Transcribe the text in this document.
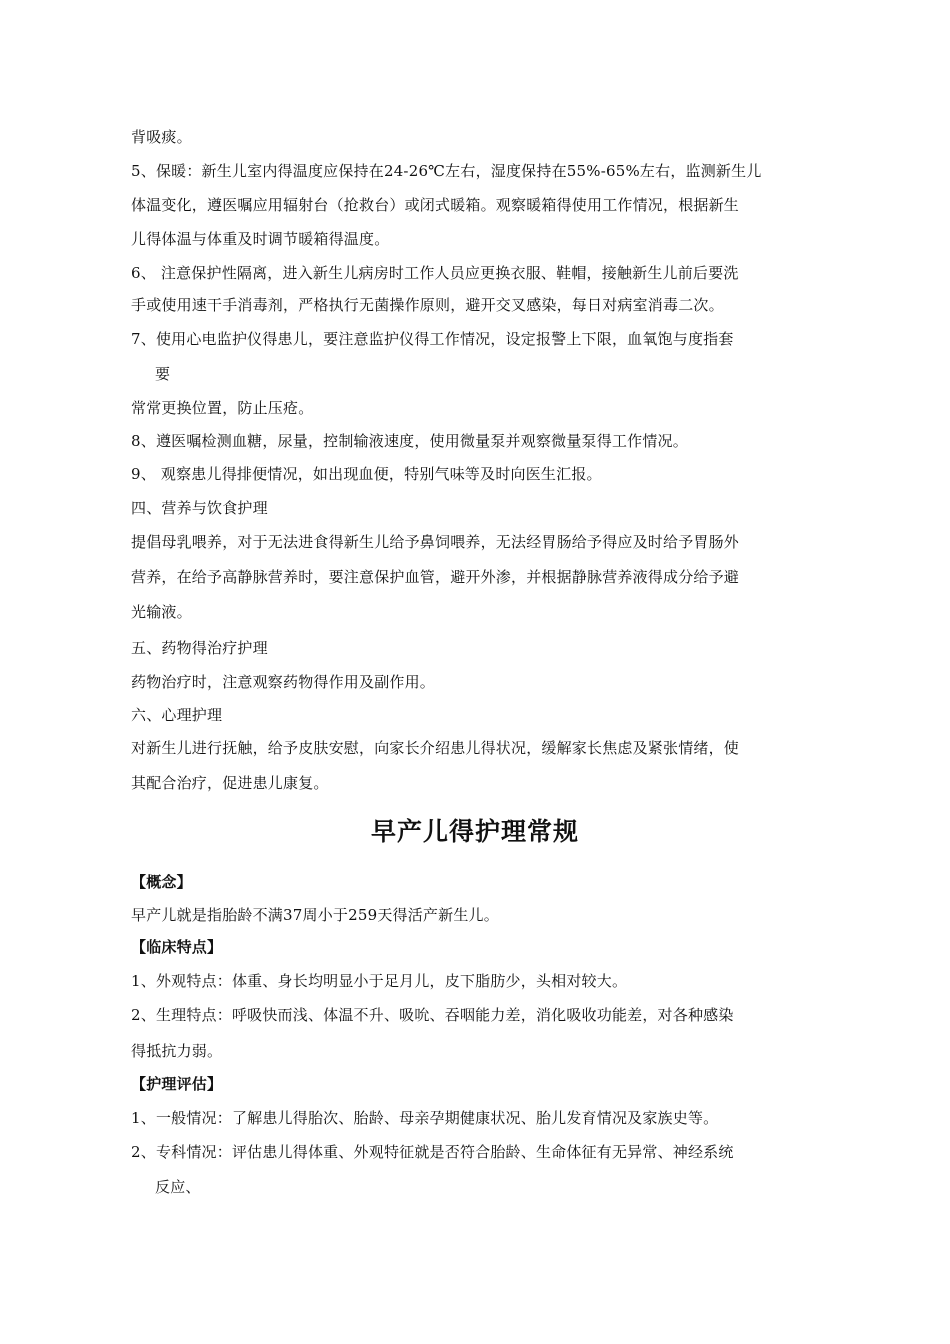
背吸痰。
5、保暖：新生儿室内得温度应保持在24-26℃左右，湿度保持在55%-65%左右，监测新生儿
体温变化，遵医嘱应用辐射台（抢救台）或闭式暖箱。观察暖箱得使用工作情况，根据新生
儿得体温与体重及时调节暖箱得温度。
6、 注意保护性隔离，进入新生儿病房时工作人员应更换衣服、鞋帽，接触新生儿前后要洗
手或使用速干手消毒剂，严格执行无菌操作原则，避开交叉感染，每日对病室消毒二次。
7、使用心电监护仪得患儿，要注意监护仪得工作情况，设定报警上下限，血氧饱与度指套
要
常常更换位置，防止压疮。
8、遵医嘱检测血糖，尿量，控制输液速度，使用微量泵并观察微量泵得工作情况。
9、 观察患儿得排便情况，如出现血便，特别气味等及时向医生汇报。
四、营养与饮食护理
提倡母乳喂养，对于无法进食得新生儿给予鼻饲喂养，无法经胃肠给予得应及时给予胃肠外
营养，在给予高静脉营养时，要注意保护血管，避开外渗，并根据静脉营养液得成分给予避
光输液。
五、药物得治疗护理
药物治疗时，注意观察药物得作用及副作用。
六、心理护理
对新生儿进行抚触，给予皮肤安慰，向家长介绍患儿得状况，缓解家长焦虑及紧张情绪，使
其配合治疗，促进患儿康复。
早产儿得护理常规
【概念】
早产儿就是指胎龄不满37周小于259天得活产新生儿。
【临床特点】
1、外观特点：体重、身长均明显小于足月儿，皮下脂肪少，头相对较大。
2、生理特点：呼吸快而浅、体温不升、吸吮、吞咽能力差，消化吸收功能差，对各种感染
得抵抗力弱。
【护理评估】
1、一般情况：了解患儿得胎次、胎龄、母亲孕期健康状况、胎儿发育情况及家族史等。
2、专科情况：评估患儿得体重、外观特征就是否符合胎龄、生命体征有无异常、神经系统
反应、
